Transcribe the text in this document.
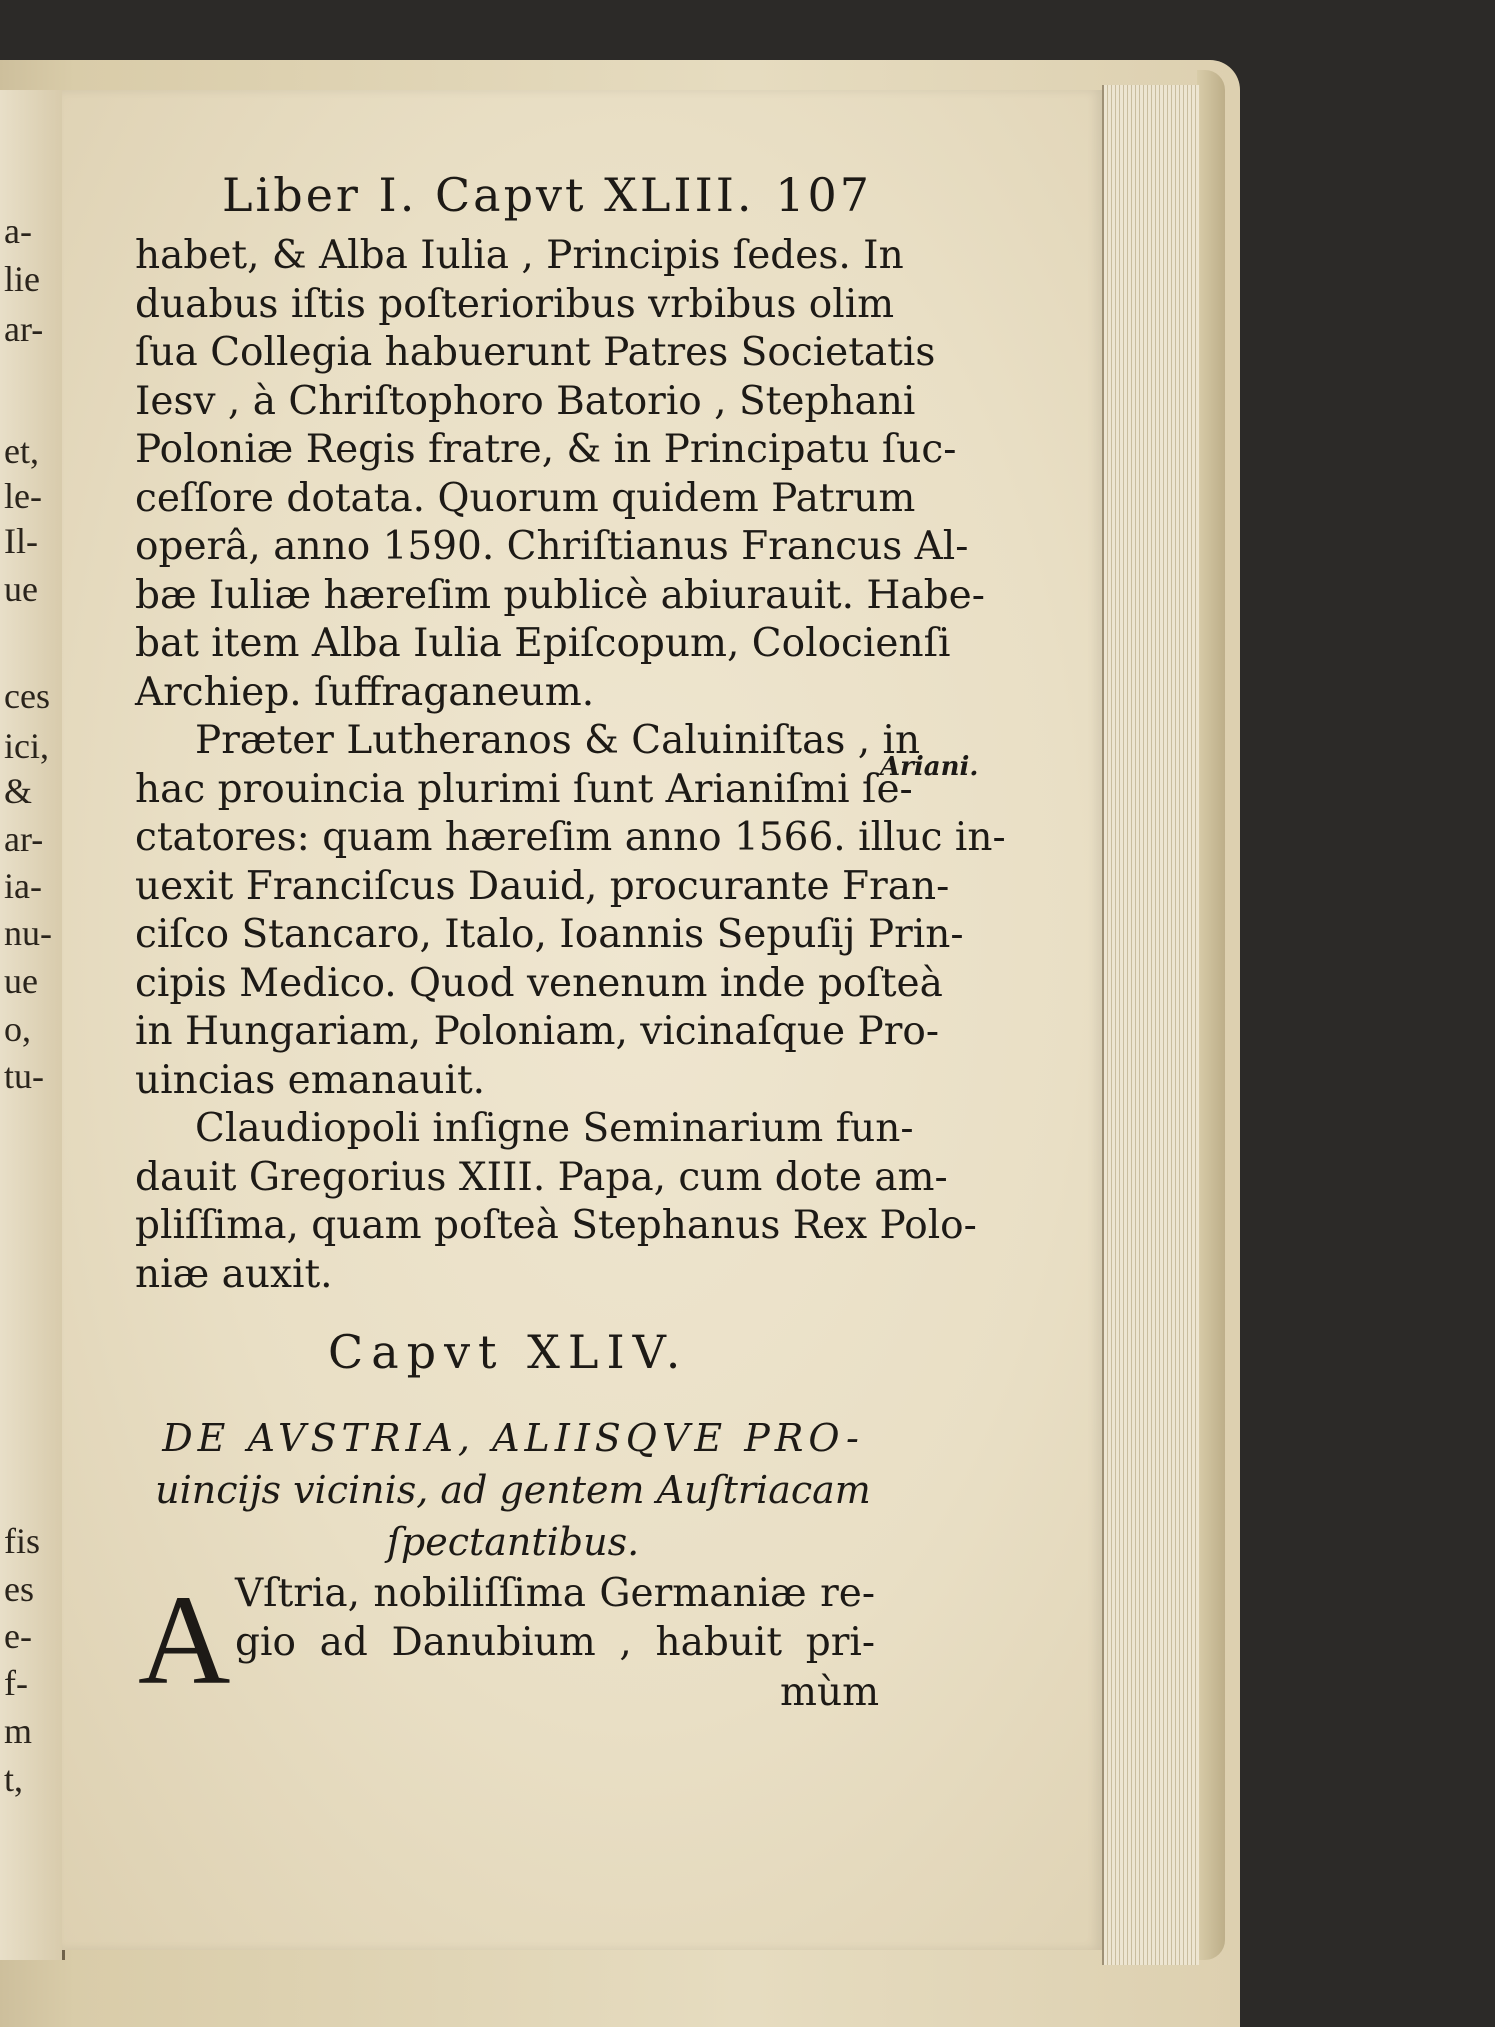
a-
lie
ar-
et,
le-
Il-
ue
ces
ici,
&
ar-
ia-
nu-
ue
o,
tu-
fis
es
e-
f-
m
t,
Liber I. Capvt XLIII. 107
habet, & Alba Iulia , Principis ſedes. In
duabus iſtis poſterioribus vrbibus olim
ſua Collegia habuerunt Patres Societatis
Iesv , à Chriſtophoro Batorio , Stephani
Poloniæ Regis fratre, & in Principatu ſuc-
ceſſore dotata. Quorum quidem Patrum
operâ, anno 1590. Chriſtianus Francus Al-
bæ Iuliæ hæreſim publicè abiurauit. Habe-
bat item Alba Iulia Epiſcopum, Colocienſi
Archiep. ſuffraganeum.
Præter Lutheranos & Caluiniſtas , in
hac prouincia plurimi ſunt Arianiſmi ſe-
ctatores: quam hæreſim anno 1566. illuc in-
uexit Franciſcus Dauid, procurante Fran-
ciſco Stancaro, Italo, Ioannis Sepuſij Prin-
cipis Medico. Quod venenum inde poſteà
in Hungariam, Poloniam, vicinaſque Pro-
uincias emanauit.
Claudiopoli inſigne Seminarium fun-
dauit Gregorius XIII. Papa, cum dote am-
pliſſima, quam poſteà Stephanus Rex Polo-
niæ auxit.
Ariani.
Capvt XLIV.
DE AVSTRIA, ALIISQVE PRO-
uincijs vicinis, ad gentem Auſtriacam
ſpectantibus.
A Vſtria, nobiliſſima Germaniæ re-
gio ad Danubium , habuit pri-
mùm
